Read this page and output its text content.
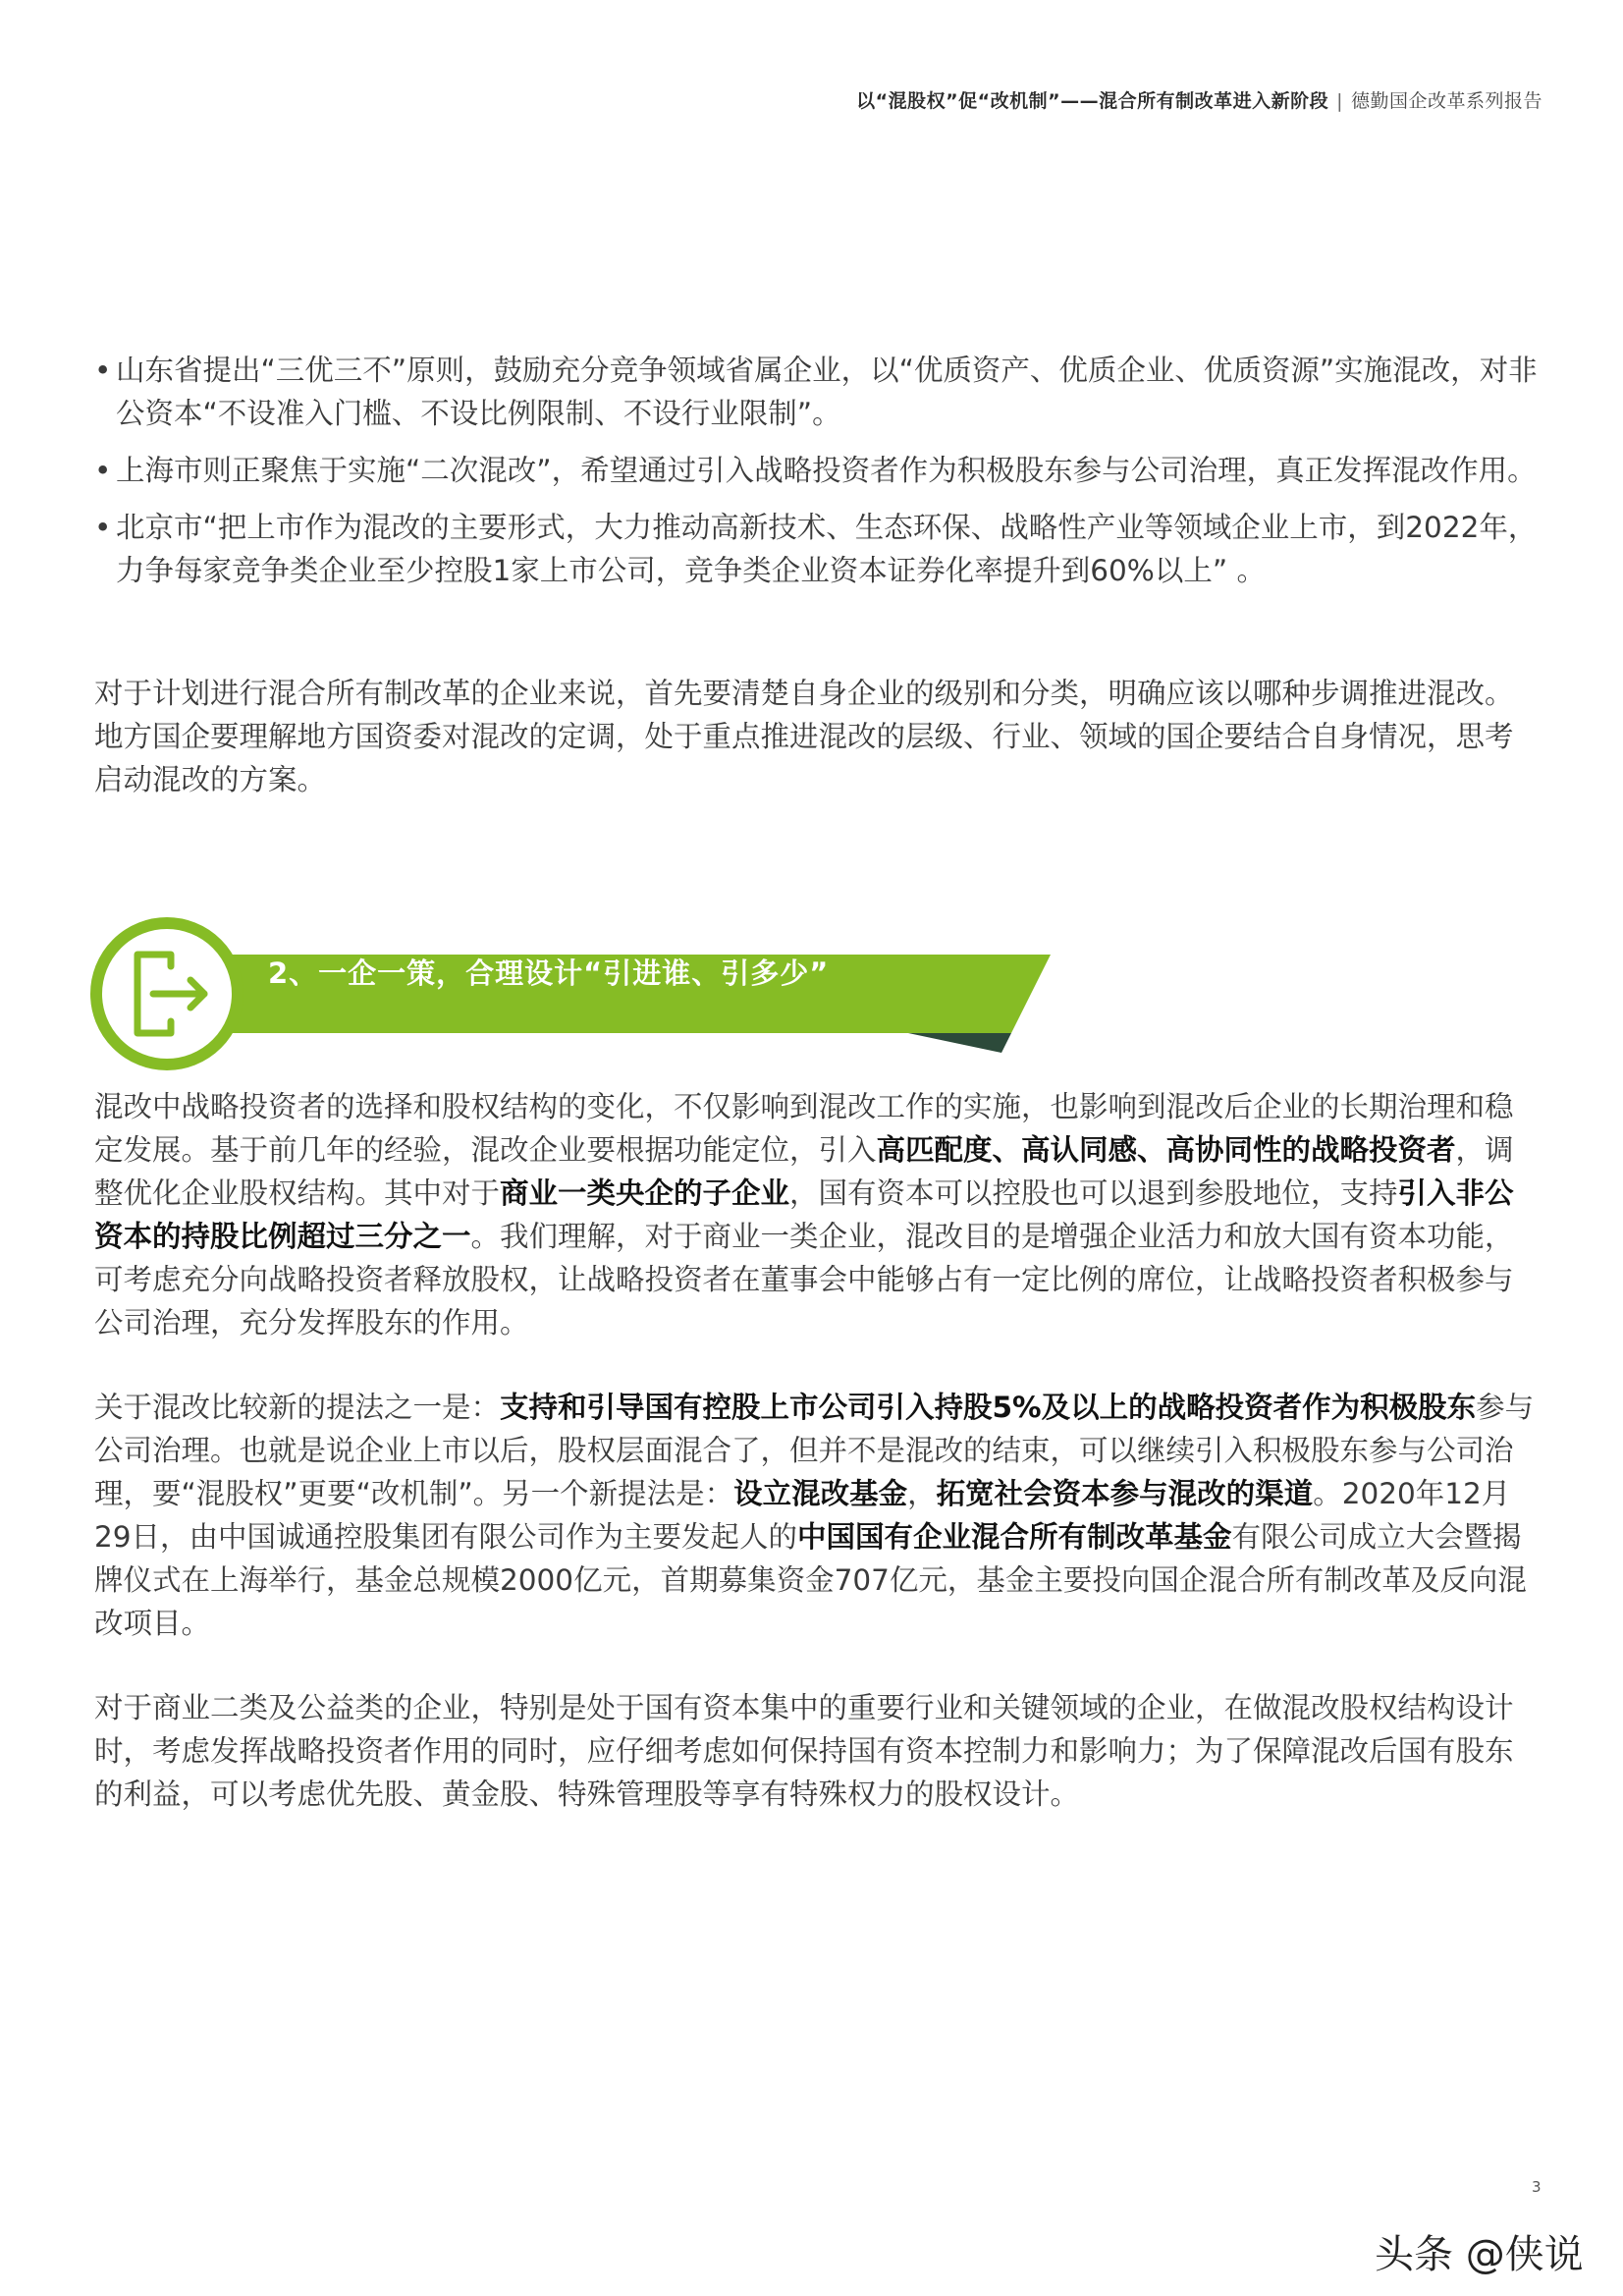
以“混股权”促“改机制”——混合所有制改革进入新阶段 | 德勤国企改革系列报告
• 山东省提出“三优三不”原则，鼓励充分竞争领域省属企业，以“优质资产、优质企业、优质资源”实施混改，对非公资本“不设准入门槛、不设比例限制、不设行业限制”。
• 上海市则正聚焦于实施“二次混改”，希望通过引入战略投资者作为积极股东参与公司治理，真正发挥混改作用。
• 北京市“把上市作为混改的主要形式，大力推动高新技术、生态环保、战略性产业等领域企业上市，到2022年，力争每家竞争类企业至少控股1家上市公司，竞争类企业资本证券化率提升到60%以上” 。

对于计划进行混合所有制改革的企业来说，首先要清楚自身企业的级别和分类，明确应该以哪种步调推进混改。地方国企要理解地方国资委对混改的定调，处于重点推进混改的层级、行业、领域的国企要结合自身情况，思考启动混改的方案。

2、一企一策，合理设计“引进谁、引多少”

混改中战略投资者的选择和股权结构的变化，不仅影响到混改工作的实施，也影响到混改后企业的长期治理和稳定发展。基于前几年的经验，混改企业要根据功能定位，引入高匹配度、高认同感、高协同性的战略投资者，调整优化企业股权结构。其中对于商业一类央企的子企业，国有资本可以控股也可以退到参股地位，支持引入非公资本的持股比例超过三分之一。我们理解，对于商业一类企业，混改目的是增强企业活力和放大国有资本功能，可考虑充分向战略投资者释放股权，让战略投资者在董事会中能够占有一定比例的席位，让战略投资者积极参与公司治理，充分发挥股东的作用。

关于混改比较新的提法之一是：支持和引导国有控股上市公司引入持股5%及以上的战略投资者作为积极股东参与公司治理。也就是说企业上市以后，股权层面混合了，但并不是混改的结束，可以继续引入积极股东参与公司治理，要“混股权”更要“改机制”。另一个新提法是：设立混改基金，拓宽社会资本参与混改的渠道。2020年12月29日，由中国诚通控股集团有限公司作为主要发起人的中国国有企业混合所有制改革基金有限公司成立大会暨揭牌仪式在上海举行，基金总规模2000亿元，首期募集资金707亿元，基金主要投向国企混合所有制改革及反向混改项目。

对于商业二类及公益类的企业，特别是处于国有资本集中的重要行业和关键领域的企业，在做混改股权结构设计时，考虑发挥战略投资者作用的同时，应仔细考虑如何保持国有资本控制力和影响力；为了保障混改后国有股东的利益，可以考虑优先股、黄金股、特殊管理股等享有特殊权力的股权设计。

3
头条 @侠说
